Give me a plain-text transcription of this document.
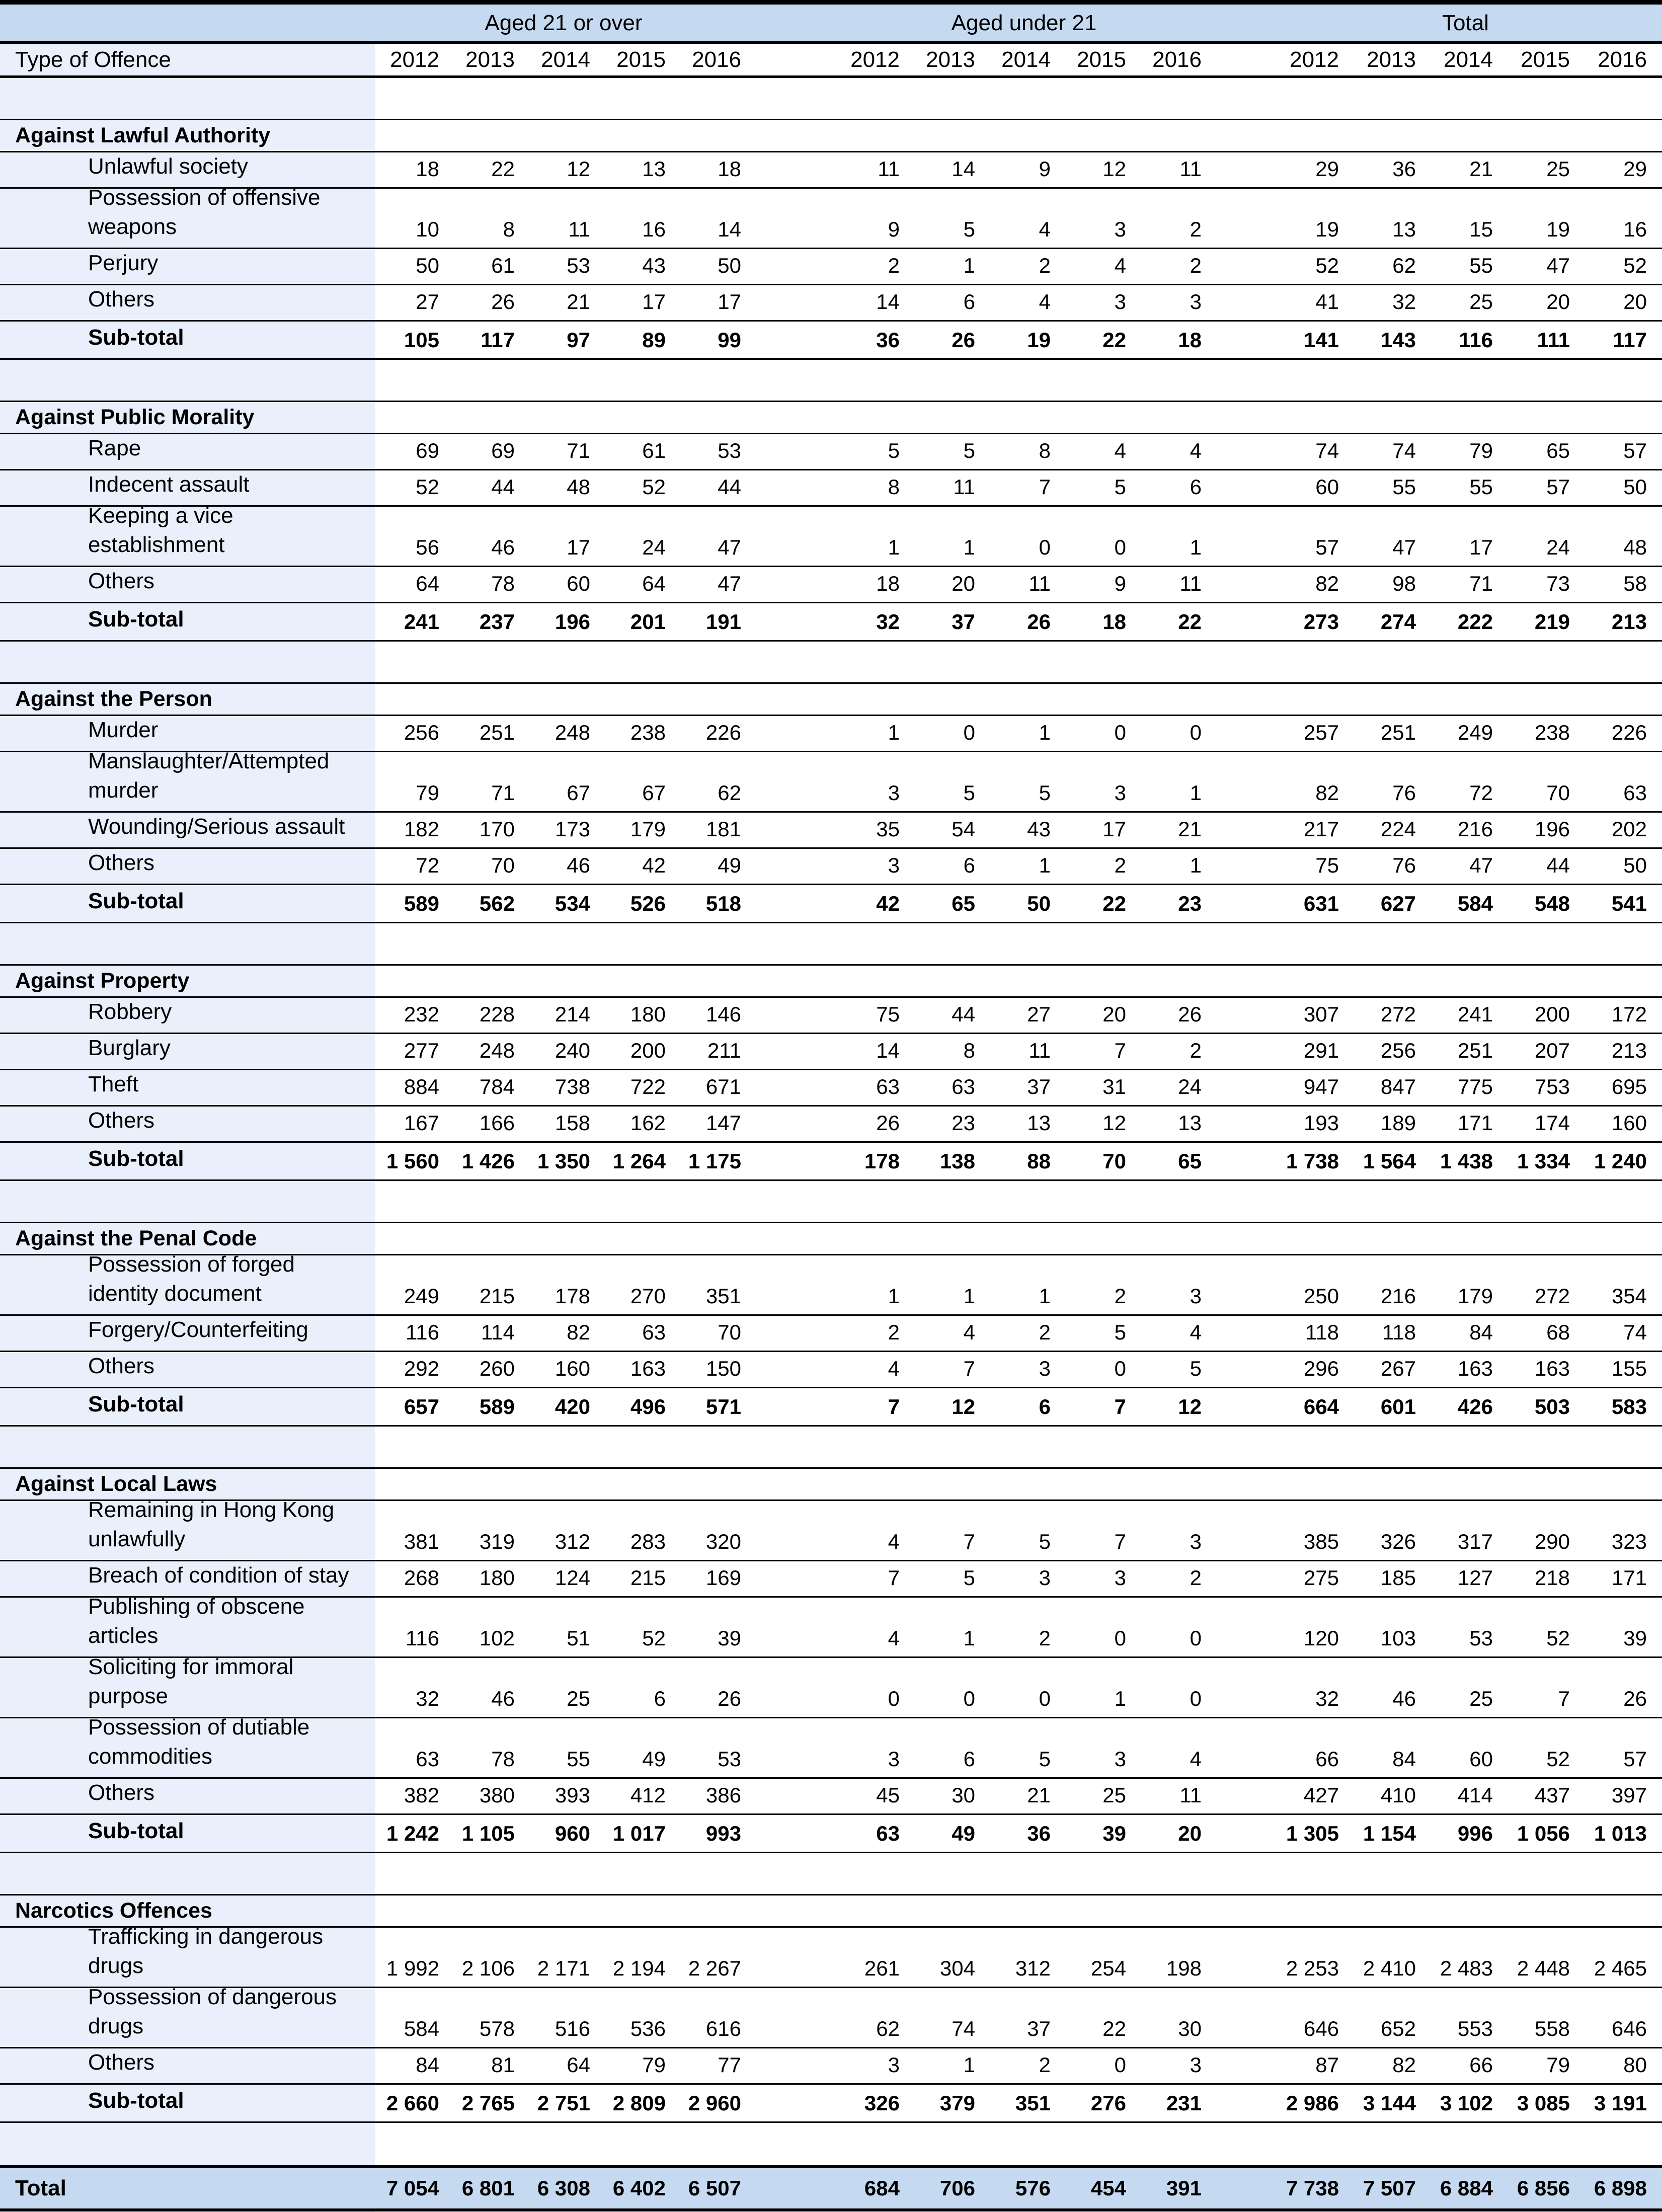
Aged 21 or over	Aged under 21	Total
Type of Offence	2012	2013	2014	2015	2016	2012	2013	2014	2015	2016	2012	2013	2014	2015	2016
Against Lawful Authority
Unlawful society	18	22	12	13	18	11	14	9	12	11	29	36	21	25	29
Possession of offensive
weapons	10	8	11	16	14	9	5	4	3	2	19	13	15	19	16
Perjury	50	61	53	43	50	2	1	2	4	2	52	62	55	47	52
Others	27	26	21	17	17	14	6	4	3	3	41	32	25	20	20
Sub-total	105	117	97	89	99	36	26	19	22	18	141	143	116	111	117
Against Public Morality
Rape	69	69	71	61	53	5	5	8	4	4	74	74	79	65	57
Indecent assault	52	44	48	52	44	8	11	7	5	6	60	55	55	57	50
Keeping a vice
establishment	56	46	17	24	47	1	1	0	0	1	57	47	17	24	48
Others	64	78	60	64	47	18	20	11	9	11	82	98	71	73	58
Sub-total	241	237	196	201	191	32	37	26	18	22	273	274	222	219	213
Against the Person
Murder	256	251	248	238	226	1	0	1	0	0	257	251	249	238	226
Manslaughter/Attempted
murder	79	71	67	67	62	3	5	5	3	1	82	76	72	70	63
Wounding/Serious assault	182	170	173	179	181	35	54	43	17	21	217	224	216	196	202
Others	72	70	46	42	49	3	6	1	2	1	75	76	47	44	50
Sub-total	589	562	534	526	518	42	65	50	22	23	631	627	584	548	541
Against Property
Robbery	232	228	214	180	146	75	44	27	20	26	307	272	241	200	172
Burglary	277	248	240	200	211	14	8	11	7	2	291	256	251	207	213
Theft	884	784	738	722	671	63	63	37	31	24	947	847	775	753	695
Others	167	166	158	162	147	26	23	13	12	13	193	189	171	174	160
Sub-total	1 560	1 426	1 350	1 264	1 175	178	138	88	70	65	1 738	1 564	1 438	1 334	1 240
Against the Penal Code
Possession of forged
identity document	249	215	178	270	351	1	1	1	2	3	250	216	179	272	354
Forgery/Counterfeiting	116	114	82	63	70	2	4	2	5	4	118	118	84	68	74
Others	292	260	160	163	150	4	7	3	0	5	296	267	163	163	155
Sub-total	657	589	420	496	571	7	12	6	7	12	664	601	426	503	583
Against Local Laws
Remaining in Hong Kong
unlawfully	381	319	312	283	320	4	7	5	7	3	385	326	317	290	323
Breach of condition of stay	268	180	124	215	169	7	5	3	3	2	275	185	127	218	171
Publishing of obscene
articles	116	102	51	52	39	4	1	2	0	0	120	103	53	52	39
Soliciting for immoral
purpose	32	46	25	6	26	0	0	0	1	0	32	46	25	7	26
Possession of dutiable
commodities	63	78	55	49	53	3	6	5	3	4	66	84	60	52	57
Others	382	380	393	412	386	45	30	21	25	11	427	410	414	437	397
Sub-total	1 242	1 105	960	1 017	993	63	49	36	39	20	1 305	1 154	996	1 056	1 013
Narcotics Offences
Trafficking in dangerous
drugs	1 992	2 106	2 171	2 194	2 267	261	304	312	254	198	2 253	2 410	2 483	2 448	2 465
Possession of dangerous
drugs	584	578	516	536	616	62	74	37	22	30	646	652	553	558	646
Others	84	81	64	79	77	3	1	2	0	3	87	82	66	79	80
Sub-total	2 660	2 765	2 751	2 809	2 960	326	379	351	276	231	2 986	3 144	3 102	3 085	3 191
Total	7 054	6 801	6 308	6 402	6 507	684	706	576	454	391	7 738	7 507	6 884	6 856	6 898
